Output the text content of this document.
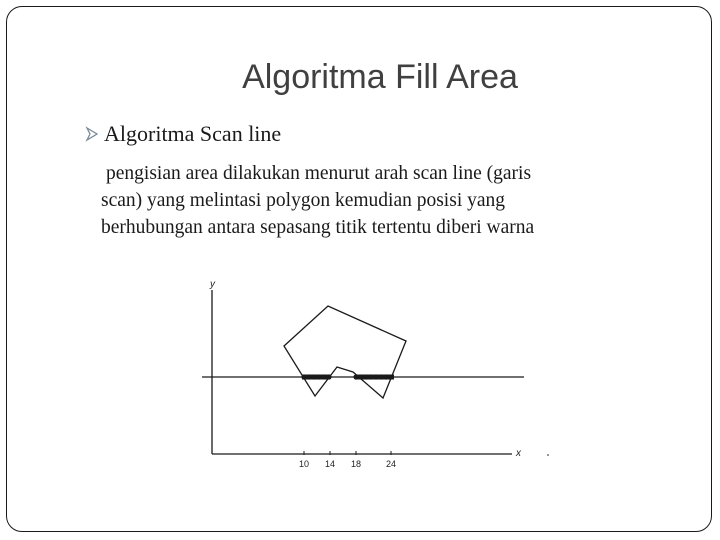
Algoritma Fill Area
Algoritma Scan line

pengisian area dilakukan menurut arah scan line (garis
scan) yang melintasi polygon kemudian posisi yang
berhubungan antara sepasang titik tertentu diberi warna

y
x
10 14 18	24
